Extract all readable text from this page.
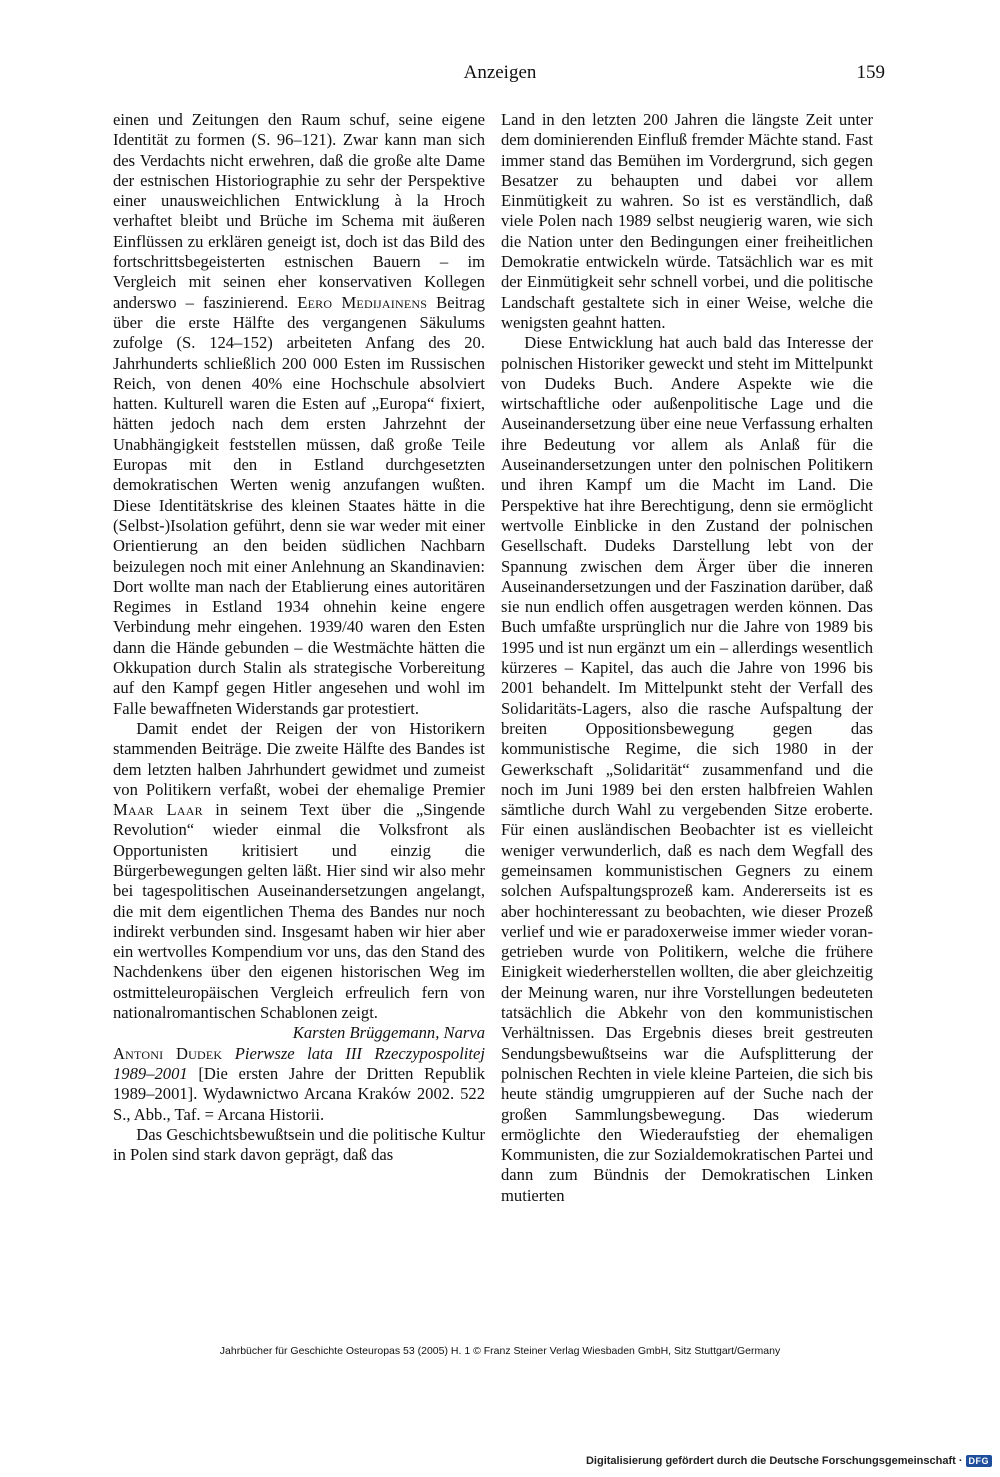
Anzeigen	159

einen und Zeitungen den Raum schuf, seine eigene Identität zu formen (S. 96–121). Zwar kann man sich des Verdachts nicht erwehren, daß die große alte Dame der estnischen Historiographie zu sehr der Perspektive einer unausweichlichen Entwicklung à la Hroch verhaftet bleibt und Brüche im Schema mit äußeren Einflüssen zu erklären geneigt ist, doch ist das Bild des fortschrittsbegeisterten estnischen Bauern – im Vergleich mit seinen eher konservativen Kollegen anderswo – faszinierend. Eero Medijainens Beitrag über die erste Hälfte des vergangenen Säkulums zufolge (S. 124–152) arbeiteten Anfang des 20. Jahrhunderts schließlich 200 000 Esten im Russischen Reich, von denen 40% eine Hochschule absolviert hatten. Kulturell waren die Esten auf „Europa“ fixiert, hätten jedoch nach dem ersten Jahrzehnt der Unabhängigkeit feststellen müssen, daß große Teile Europas mit den in Estland durchgesetzten demokratischen Werten wenig anzufangen wußten. Diese Identitätskrise des kleinen Staates hätte in die (Selbst-)Isolation geführt, denn sie war weder mit einer Orientierung an den beiden südlichen Nachbarn beizulegen noch mit einer Anlehnung an Skandinavien: Dort wollte man nach der Etablierung eines autoritären Regimes in Estland 1934 ohnehin keine engere Verbindung mehr eingehen. 1939/40 waren den Esten dann die Hände gebunden – die Westmächte hätten die Okkupation durch Stalin als strategische Vorbereitung auf den Kampf gegen Hitler angesehen und wohl im Falle bewaffneten Widerstands gar protestiert.

Damit endet der Reigen der von Historikern stammenden Beiträge. Die zweite Hälfte des Bandes ist dem letzten halben Jahrhundert gewidmet und zumeist von Politikern verfaßt, wobei der ehemalige Premier Maar Laar in seinem Text über die „Singende Revolution“ wieder einmal die Volksfront als Opportunisten kritisiert und einzig die Bürgerbewegungen gelten läßt. Hier sind wir also mehr bei tagespolitischen Auseinandersetzungen angelangt, die mit dem eigentlichen Thema des Bandes nur noch indirekt verbunden sind. Insgesamt haben wir hier aber ein wertvolles Kompendium vor uns, das den Stand des Nachdenkens über den eigenen historischen Weg im ostmitteleuropäischen Vergleich erfreulich fern von nationalromantischen Schablonen zeigt.

Karsten Brüggemann, Narva

Antoni Dudek Pierwsze lata III Rzeczypospolitej 1989–2001 [Die ersten Jahre der Dritten Republik 1989–2001]. Wydawnictwo Arcana Kraków 2002. 522 S., Abb., Taf. = Arcana Historii.

Das Geschichtsbewußtsein und die politische Kultur in Polen sind stark davon geprägt, daß das

Land in den letzten 200 Jahren die längste Zeit unter dem dominierenden Einfluß fremder Mächte stand. Fast immer stand das Bemühen im Vordergrund, sich gegen Besatzer zu behaupten und dabei vor allem Einmütigkeit zu wahren. So ist es verständlich, daß viele Polen nach 1989 selbst neugierig waren, wie sich die Nation unter den Bedingungen einer freiheitlichen Demokratie entwickeln würde. Tatsächlich war es mit der Einmütigkeit sehr schnell vorbei, und die politische Landschaft gestaltete sich in einer Weise, welche die wenigsten geahnt hatten.

Diese Entwicklung hat auch bald das Interesse der polnischen Historiker geweckt und steht im Mittelpunkt von Dudeks Buch. Andere Aspekte wie die wirtschaftliche oder außenpolitische Lage und die Auseinandersetzung über eine neue Verfassung erhalten ihre Bedeutung vor allem als Anlaß für die Auseinandersetzungen unter den polnischen Politikern und ihren Kampf um die Macht im Land. Die Perspektive hat ihre Berechtigung, denn sie ermöglicht wertvolle Einblicke in den Zustand der polnischen Gesellschaft. Dudeks Darstellung lebt von der Spannung zwischen dem Ärger über die inneren Auseinandersetzungen und der Faszination darüber, daß sie nun endlich offen ausgetragen werden können. Das Buch umfaßte ursprünglich nur die Jahre von 1989 bis 1995 und ist nun ergänzt um ein – allerdings wesentlich kürzeres – Kapitel, das auch die Jahre von 1996 bis 2001 behandelt. Im Mittelpunkt steht der Verfall des Solidaritäts-Lagers, also die rasche Aufspaltung der breiten Oppositionsbewegung gegen das kommunistische Regime, die sich 1980 in der Gewerkschaft „Solidarität“ zusammenfand und die noch im Juni 1989 bei den ersten halbfreien Wahlen sämtliche durch Wahl zu vergebenden Sitze eroberte. Für einen ausländischen Beobachter ist es vielleicht weniger verwunderlich, daß es nach dem Wegfall des gemeinsamen kommunistischen Gegners zu einem solchen Aufspaltungsprozeß kam. Andererseits ist es aber hochinteressant zu beobachten, wie dieser Prozeß verlief und wie er paradoxerweise immer wieder vorangetrieben wurde von Politikern, welche die frühere Einigkeit wiederherstellen wollten, die aber gleichzeitig der Meinung waren, nur ihre Vorstellungen bedeuteten tatsächlich die Abkehr von den kommunistischen Verhältnissen. Das Ergebnis dieses breit gestreuten Sendungsbewußtseins war die Aufsplitterung der polnischen Rechten in viele kleine Parteien, die sich bis heute ständig umgruppieren auf der Suche nach der großen Sammlungsbewegung. Das wiederum ermöglichte den Wiederaufstieg der ehemaligen Kommunisten, die zur Sozialdemokratischen Partei und dann zum Bündnis der Demokratischen Linken mutierten

Jahrbücher für Geschichte Osteuropas 53 (2005) H. 1 © Franz Steiner Verlag Wiesbaden GmbH, Sitz Stuttgart/Germany
Digitalisierung gefördert durch die Deutsche Forschungsgemeinschaft · DFG
